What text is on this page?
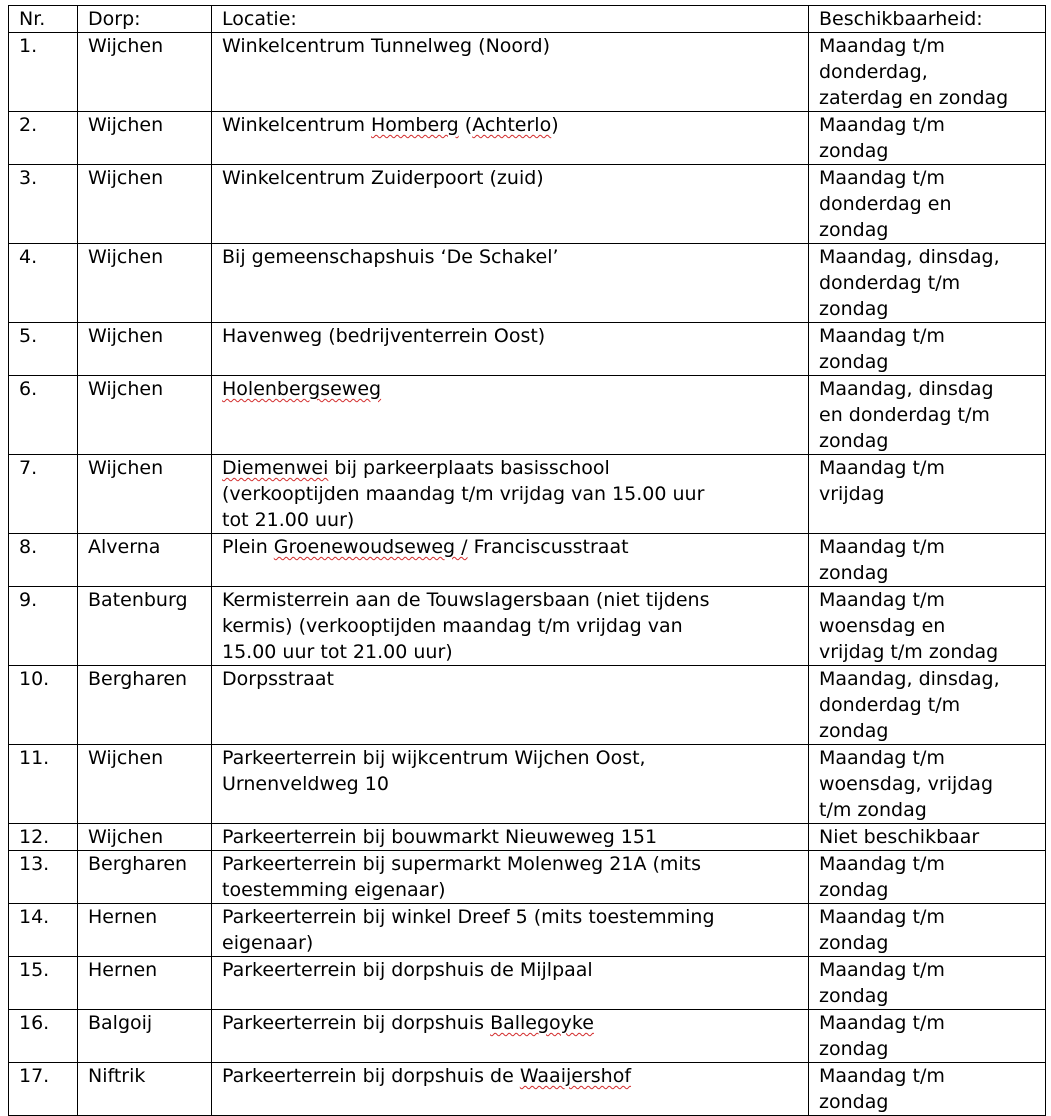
Nr.	Dorp:	Locatie:	Beschikbaarheid:
1.	Wijchen	Winkelcentrum Tunnelweg (Noord)	Maandag t/m
donderdag,
zaterdag en zondag
2.	Wijchen	Winkelcentrum Homberg (Achterlo)	Maandag t/m
zondag
3.	Wijchen	Winkelcentrum Zuiderpoort (zuid)	Maandag t/m
donderdag en
zondag
4.	Wijchen	Bij gemeenschapshuis ‘De Schakel’	Maandag, dinsdag,
donderdag t/m
zondag
5.	Wijchen	Havenweg (bedrijventerrein Oost)	Maandag t/m
zondag
6.	Wijchen	Holenbergseweg	Maandag, dinsdag
en donderdag t/m
zondag
7.	Wijchen	Diemenwei bij parkeerplaats basisschool
(verkooptijden maandag t/m vrijdag van 15.00 uur
tot 21.00 uur)	Maandag t/m
vrijdag
8.	Alverna	Plein Groenewoudseweg / Franciscusstraat	Maandag t/m
zondag
9.	Batenburg	Kermisterrein aan de Touwslagersbaan (niet tijdens
kermis) (verkooptijden maandag t/m vrijdag van
15.00 uur tot 21.00 uur)	Maandag t/m
woensdag en
vrijdag t/m zondag
10.	Bergharen	Dorpsstraat	Maandag, dinsdag,
donderdag t/m
zondag
11.	Wijchen	Parkeerterrein bij wijkcentrum Wijchen Oost,
Urnenveldweg 10	Maandag t/m
woensdag, vrijdag
t/m zondag
12.	Wijchen	Parkeerterrein bij bouwmarkt Nieuweweg 151	Niet beschikbaar
13.	Bergharen	Parkeerterrein bij supermarkt Molenweg 21A (mits
toestemming eigenaar)	Maandag t/m
zondag
14.	Hernen	Parkeerterrein bij winkel Dreef 5 (mits toestemming
eigenaar)	Maandag t/m
zondag
15.	Hernen	Parkeerterrein bij dorpshuis de Mijlpaal	Maandag t/m
zondag
16.	Balgoij	Parkeerterrein bij dorpshuis Ballegoyke	Maandag t/m
zondag
17.	Niftrik	Parkeerterrein bij dorpshuis de Waaijershof	Maandag t/m
zondag
